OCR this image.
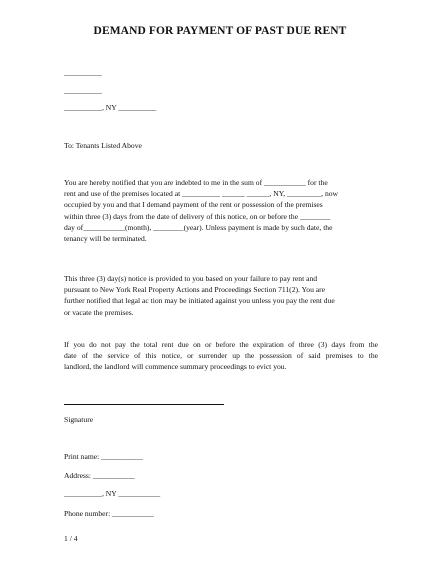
DEMAND FOR PAYMENT OF PAST DUE RENT
__________
__________
__________, NY __________
To: Tenants Listed Above
You are hereby notified that you are indebted to me in the sum of ___________ for the
rent and use of the premises located at __________ ______ ______, NY, _________, now
occupied by you and that I demand payment of the rent or possession of the premises
within three (3) days from the date of delivery of this notice, on or before the ________
day of___________(month), ________(year). Unless payment is made by such date, the
tenancy will be terminated.
This three (3) day(s) notice is provided to you based on your failure to pay rent and
pursuant to New York Real Property Actions and Proceedings Section 711(2). You are
further notified that legal ac tion may be initiated against you unless you pay the rent due
or vacate the premises.
If you do not pay the total rent due on or before the expiration of three (3) days from the
date of the service of this notice, or surrender up the possession of said premises to the
landlord, the landlord will commence summary proceedings to evict you.
Signature
Print name: ___________
Address: ___________
__________, NY ___________
Phone number: ___________
1 / 4
